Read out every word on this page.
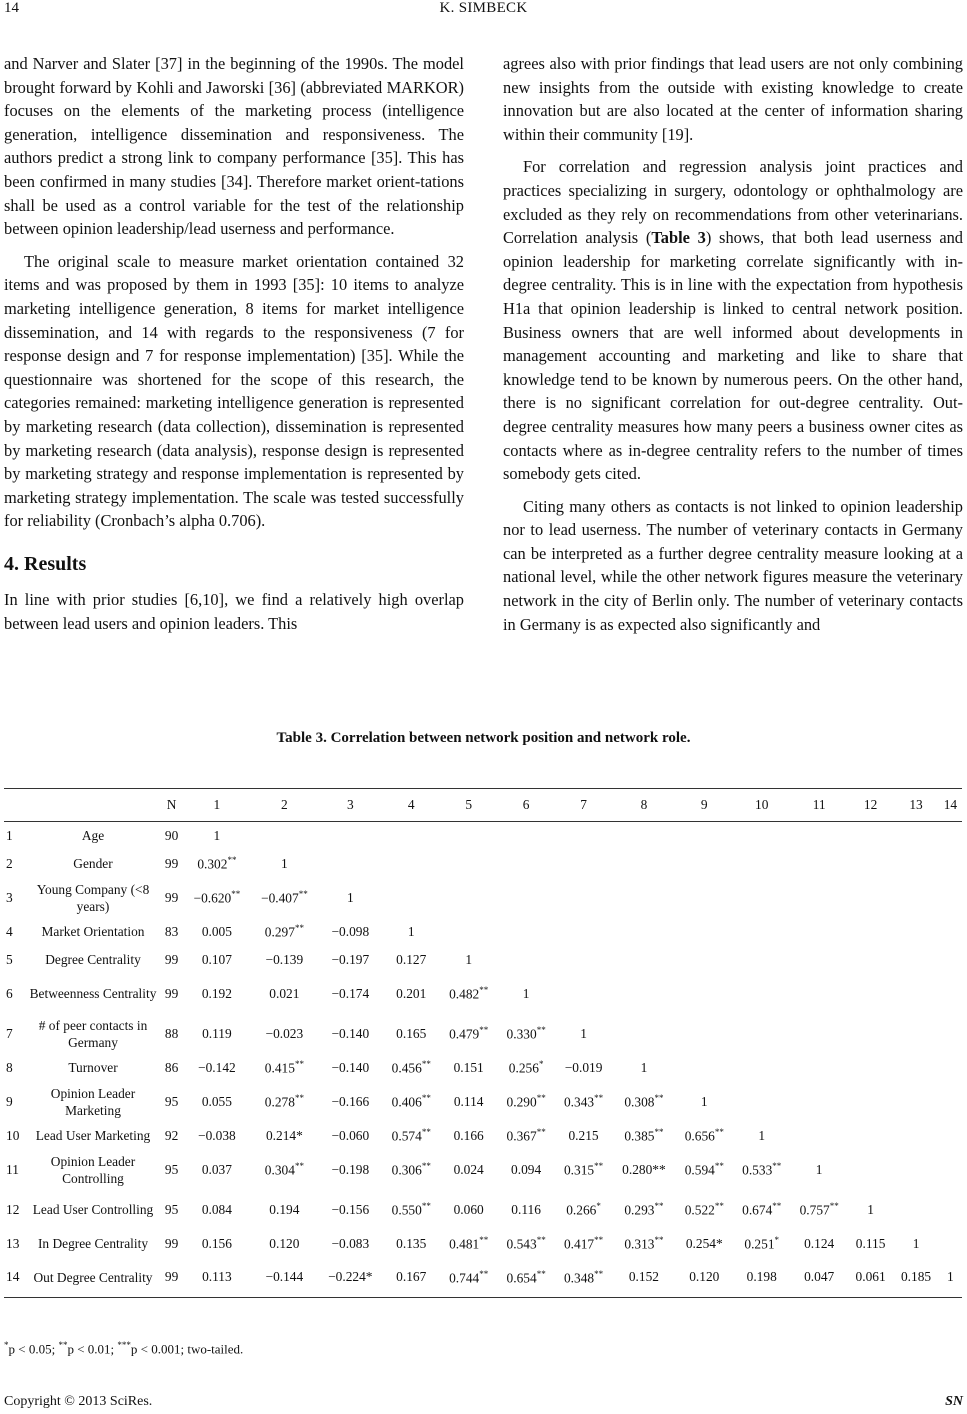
14	K. SIMBECK

and Narver and Slater [37] in the beginning of the 1990s. The model brought forward by Kohli and Jaworski [36] (abbreviated MARKOR) focuses on the elements of the marketing process (intelligence generation, intelligence dissemination and responsiveness. The authors predict a strong link to company performance [35]. This has been confirmed in many studies [34]. Therefore market orient-tations shall be used as a control variable for the test of the relationship between opinion leadership/lead userness and performance.

The original scale to measure market orientation contained 32 items and was proposed by them in 1993 [35]: 10 items to analyze marketing intelligence generation, 8 items for market intelligence dissemination, and 14 with regards to the responsiveness (7 for response design and 7 for response implementation) [35]. While the questionnaire was shortened for the scope of this research, the categories remained: marketing intelligence generation is represented by marketing research (data collection), dissemination is represented by marketing research (data analysis), response design is represented by marketing strategy and response implementation is represented by marketing strategy implementation. The scale was tested successfully for reliability (Cronbach’s alpha 0.706).

4. Results

In line with prior studies [6,10], we find a relatively high overlap between lead users and opinion leaders. This

agrees also with prior findings that lead users are not only combining new insights from the outside with existing knowledge to create innovation but are also located at the center of information sharing within their community [19].

For correlation and regression analysis joint practices and practices specializing in surgery, odontology or ophthalmology are excluded as they rely on recommendations from other veterinarians. Correlation analysis (Table 3) shows, that both lead userness and opinion leadership for marketing correlate significantly with in-degree centrality. This is in line with the expectation from hypothesis H1a that opinion leadership is linked to central network position. Business owners that are well informed about developments in management accounting and marketing and like to share that knowledge tend to be known by numerous peers. On the other hand, there is no significant correlation for out-degree centrality. Out-degree centrality measures how many peers a business owner cites as contacts where as in-degree centrality refers to the number of times somebody gets cited.

Citing many others as contacts is not linked to opinion leadership nor to lead userness. The number of veterinary contacts in Germany can be interpreted as a further degree centrality measure looking at a national level, while the other network figures measure the veterinary network in the city of Berlin only. The number of veterinary contacts in Germany is as expected also significantly and

Table 3. Correlation between network position and network role.
		N	1	2	3	4	5	6	7	8	9	10	11	12	13	14
1	Age	90	1													
2	Gender	99	0.302**	1												
3	Young Company (<8 years)	99	−0.620**	−0.407**	1											
4	Market Orientation	83	0.005	0.297**	−0.098	1										
5	Degree Centrality	99	0.107	−0.139	−0.197	0.127	1									
6	Betweenness Centrality	99	0.192	0.021	−0.174	0.201	0.482**	1								
7	# of peer contacts in Germany	88	0.119	−0.023	−0.140	0.165	0.479**	0.330**	1							
8	Turnover	86	−0.142	0.415**	−0.140	0.456**	0.151	0.256*	−0.019	1						
9	Opinion Leader Marketing	95	0.055	0.278**	−0.166	0.406**	0.114	0.290**	0.343**	0.308**	1					
10	Lead User Marketing	92	−0.038	0.214*	−0.060	0.574**	0.166	0.367**	0.215	0.385**	0.656**	1				
11	Opinion Leader Controlling	95	0.037	0.304**	−0.198	0.306**	0.024	0.094	0.315**	0.280**	0.594**	0.533**	1			
12	Lead User Controlling	95	0.084	0.194	−0.156	0.550**	0.060	0.116	0.266*	0.293**	0.522**	0.674**	0.757**	1		
13	In Degree Centrality	99	0.156	0.120	−0.083	0.135	0.481**	0.543**	0.417**	0.313**	0.254*	0.251*	0.124	0.115	1	
14	Out Degree Centrality	99	0.113	−0.144	−0.224*	0.167	0.744**	0.654**	0.348**	0.152	0.120	0.198	0.047	0.061	0.185	1
*p < 0.05; **p < 0.01; ***p < 0.001; two-tailed.
Copyright © 2013 SciRes.	SN
